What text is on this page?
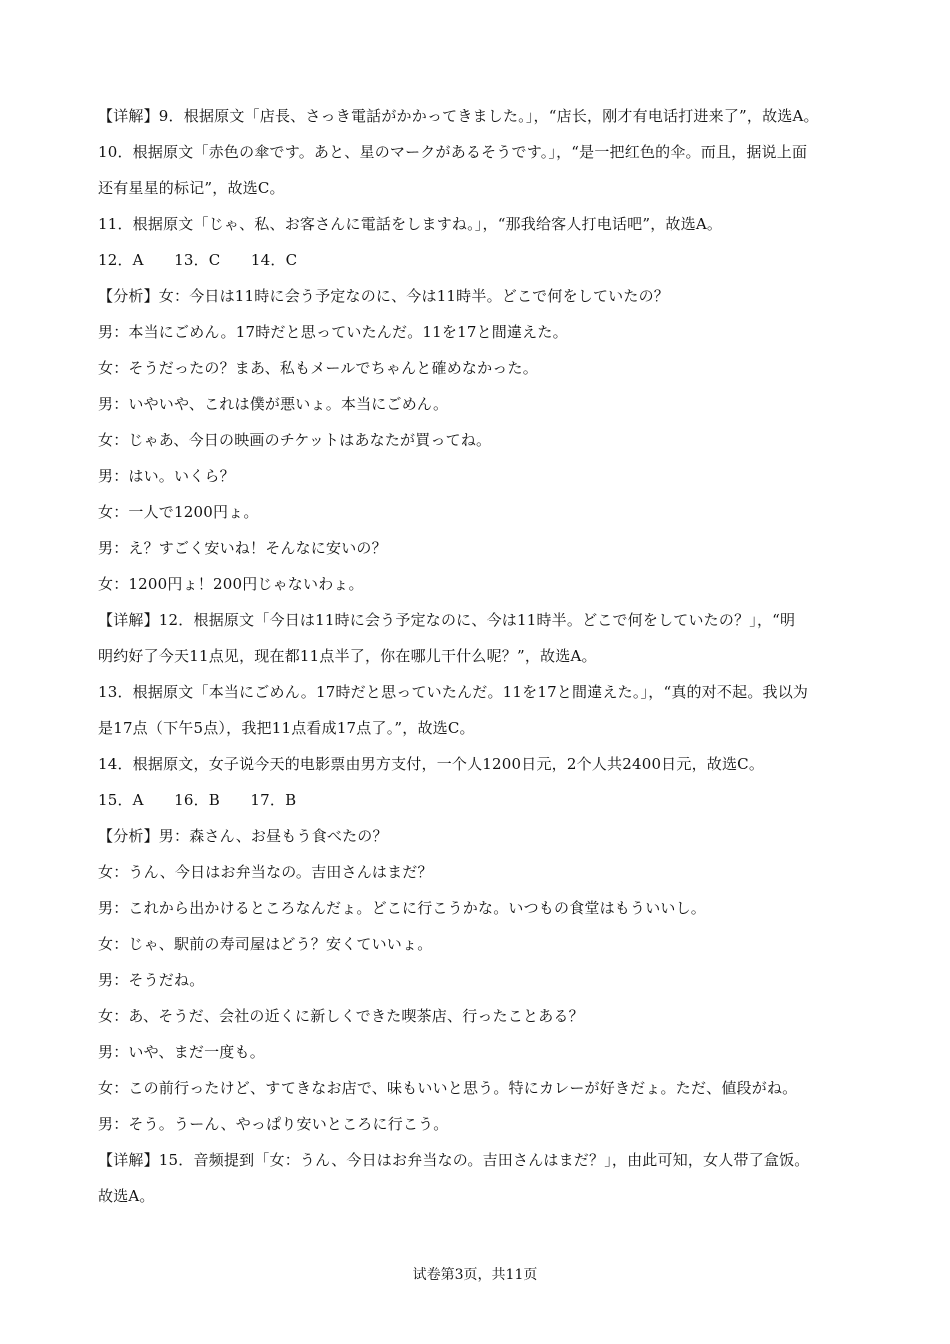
【详解】9．根据原文「店長、さっき電話がかかってきました。」，“店长，刚才有电话打进来了”，故选A。
10．根据原文「赤色の傘です。あと、星のマークがあるそうです。」，“是一把红色的伞。而且，据说上面
还有星星的标记”，故选C。
11．根据原文「じゃ、私、お客さんに電話をしますね。」，“那我给客人打电话吧”，故选A。
12．A　　13．C　　14．C
【分析】女：今日は11時に会う予定なのに、今は11時半。どこで何をしていたの？
男：本当にごめん。17時だと思っていたんだ。11を17と間違えた。
女：そうだったの？まあ、私もメールでちゃんと確めなかった。
男：いやいや、これは僕が悪いょ。本当にごめん。
女：じゃあ、今日の映画のチケットはあなたが買ってね。
男：はい。いくら？
女：一人で1200円ょ。
男：え？すごく安いね！そんなに安いの？
女：1200円ょ！200円じゃないわょ。
【详解】12．根据原文「今日は11時に会う予定なのに、今は11時半。どこで何をしていたの？」，“明
明约好了今天11点见，现在都11点半了，你在哪儿干什么呢？”，故选A。
13．根据原文「本当にごめん。17時だと思っていたんだ。11を17と間違えた。」，“真的对不起。我以为
是17点（下午5点），我把11点看成17点了。”，故选C。
14．根据原文，女子说今天的电影票由男方支付，一个人1200日元，2个人共2400日元，故选C。
15．A　　16．B　　17．B
【分析】男：森さん、お昼もう食べたの？
女：うん、今日はお弁当なの。吉田さんはまだ？
男：これから出かけるところなんだょ。どこに行こうかな。いつもの食堂はもういいし。
女：じゃ、駅前の寿司屋はどう？安くていいょ。
男：そうだね。
女：あ、そうだ、会社の近くに新しくできた喫茶店、行ったことある？
男：いや、まだ一度も。
女：この前行ったけど、すてきなお店で、味もいいと思う。特にカレーが好きだょ。ただ、値段がね。
男：そう。うーん、やっぱり安いところに行こう。
【详解】15．音频提到「女：うん、今日はお弁当なの。吉田さんはまだ？」，由此可知，女人带了盒饭。
故选A。
试卷第3页，共11页
